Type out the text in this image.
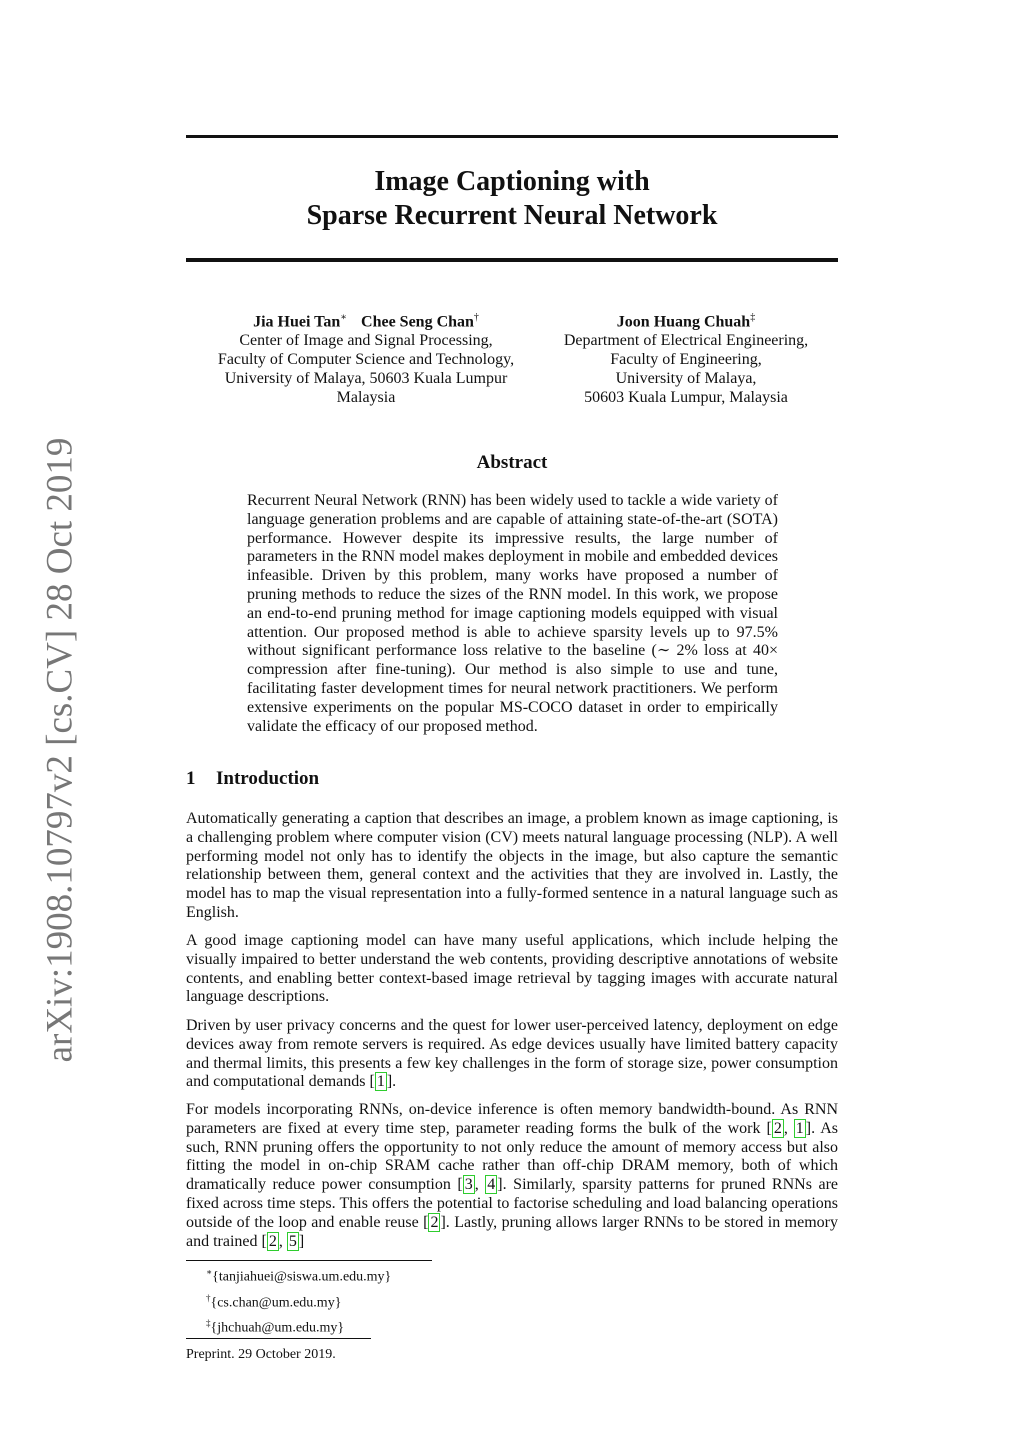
arXiv:1908.10797v2 [cs.CV] 28 Oct 2019
Image Captioning with
Sparse Recurrent Neural Network
Jia Huei Tan∗ Chee Seng Chan†
Center of Image and Signal Processing,
Faculty of Computer Science and Technology,
University of Malaya, 50603 Kuala Lumpur
Malaysia
Joon Huang Chuah‡
Department of Electrical Engineering,
Faculty of Engineering,
University of Malaya,
50603 Kuala Lumpur, Malaysia
Abstract
Recurrent Neural Network (RNN) has been widely used to tackle a wide variety of language generation problems and are capable of attaining state-of-the-art (SOTA) performance. However despite its impressive results, the large number of parameters in the RNN model makes deployment in mobile and embedded devices infeasible. Driven by this problem, many works have proposed a number of pruning methods to reduce the sizes of the RNN model. In this work, we propose an end-to-end pruning method for image captioning models equipped with visual attention. Our proposed method is able to achieve sparsity levels up to 97.5% without significant performance loss relative to the baseline (∼ 2% loss at 40× compression after fine-tuning). Our method is also simple to use and tune, facilitating faster development times for neural network practitioners. We perform extensive experiments on the popular MS-COCO dataset in order to empirically validate the efficacy of our proposed method.
1 Introduction
Automatically generating a caption that describes an image, a problem known as image captioning, is a challenging problem where computer vision (CV) meets natural language processing (NLP). A well performing model not only has to identify the objects in the image, but also capture the semantic relationship between them, general context and the activities that they are involved in. Lastly, the model has to map the visual representation into a fully-formed sentence in a natural language such as English.
A good image captioning model can have many useful applications, which include helping the visually impaired to better understand the web contents, providing descriptive annotations of website contents, and enabling better context-based image retrieval by tagging images with accurate natural language descriptions.
Driven by user privacy concerns and the quest for lower user-perceived latency, deployment on edge devices away from remote servers is required. As edge devices usually have limited battery capacity and thermal limits, this presents a few key challenges in the form of storage size, power consumption and computational demands [ 1 ].
For models incorporating RNNs, on-device inference is often memory bandwidth-bound. As RNN parameters are fixed at every time step, parameter reading forms the bulk of the work [ 2 , 1 ]. As such, RNN pruning offers the opportunity to not only reduce the amount of memory access but also fitting the model in on-chip SRAM cache rather than off-chip DRAM memory, both of which dramatically reduce power consumption [ 3 , 4 ]. Similarly, sparsity patterns for pruned RNNs are fixed across time steps. This offers the potential to factorise scheduling and load balancing operations outside of the loop and enable reuse [ 2 ]. Lastly, pruning allows larger RNNs to be stored in memory and trained [ 2 , 5 ]
∗{tanjiahuei@siswa.um.edu.my}
†{cs.chan@um.edu.my}
‡{jhchuah@um.edu.my}
Preprint. 29 October 2019.
